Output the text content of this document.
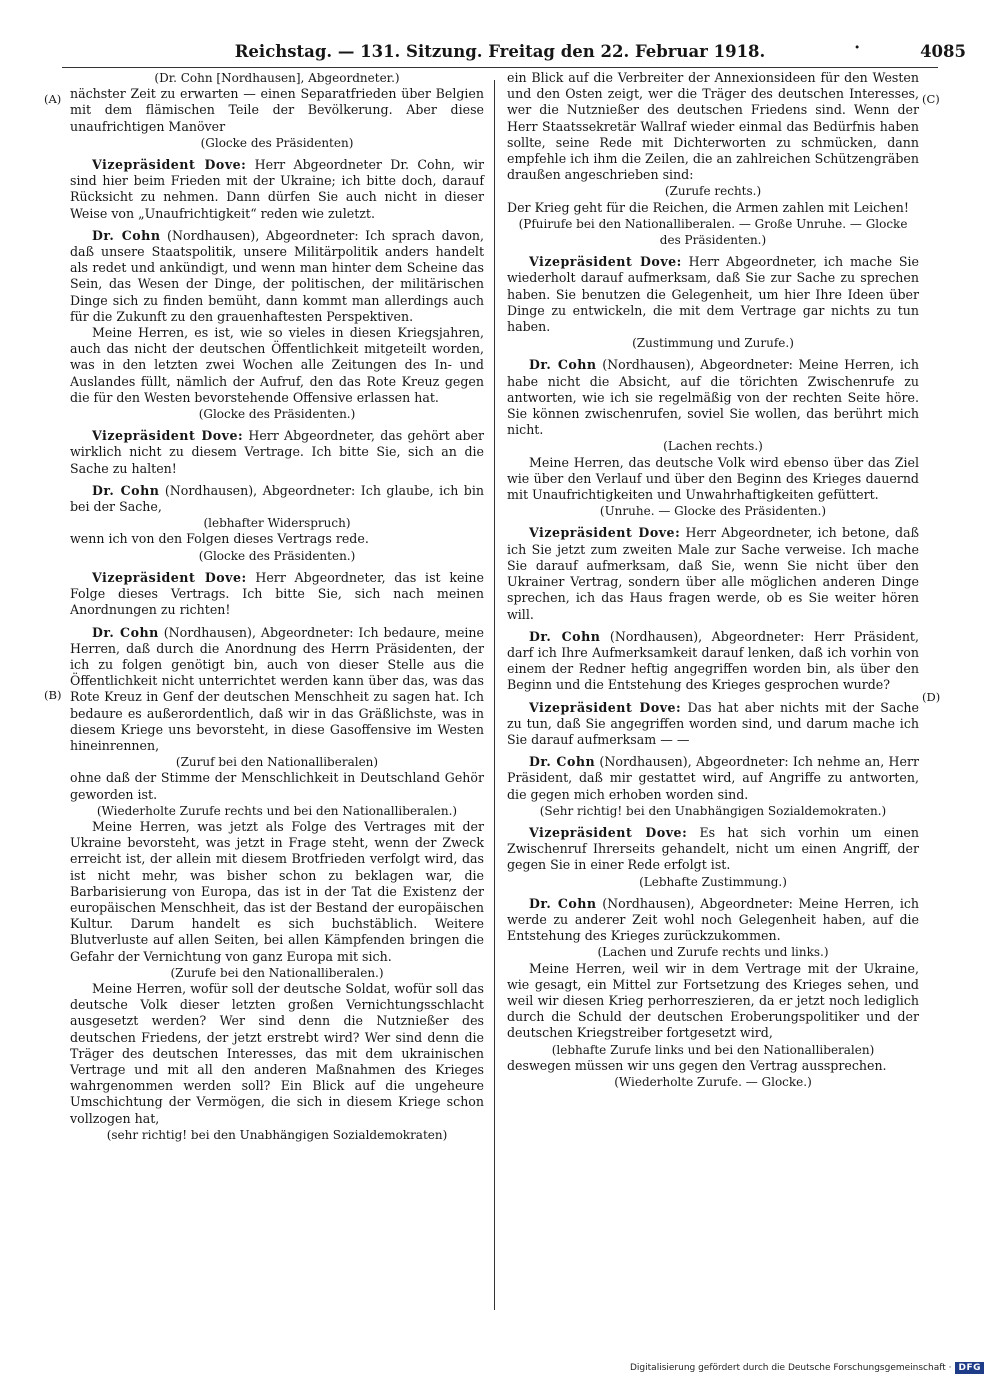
Reichstag. — 131. Sitzung. Freitag den 22. Februar 1918.	·	4085
(A)
(B)
(C)
(D)

(Dr. Cohn [Nordhausen], Abgeordneter.)

nächster Zeit zu erwarten — einen Separatfrieden über Belgien mit dem flämischen Teile der Bevölkerung. Aber diese unaufrichtigen Manöver

(Glocke des Präsidenten)

Vizepräsident Dove: Herr Abgeordneter Dr. Cohn, wir sind hier beim Frieden mit der Ukraine; ich bitte doch, darauf Rücksicht zu nehmen. Dann dürfen Sie auch nicht in dieser Weise von „Unaufrichtigkeit“ reden wie zuletzt.

Dr. Cohn (Nordhausen), Abgeordneter: Ich sprach davon, daß unsere Staatspolitik, unsere Militärpolitik anders handelt als redet und ankündigt, und wenn man hinter dem Scheine das Sein, das Wesen der Dinge, der politischen, der militärischen Dinge sich zu finden bemüht, dann kommt man allerdings auch für die Zukunft zu den grauenhaftesten Perspektiven.

Meine Herren, es ist, wie so vieles in diesen Kriegsjahren, auch das nicht der deutschen Öffentlichkeit mitgeteilt worden, was in den letzten zwei Wochen alle Zeitungen des In- und Auslandes füllt, nämlich der Aufruf, den das Rote Kreuz gegen die für den Westen bevorstehende Offensive erlassen hat.

(Glocke des Präsidenten.)

Vizepräsident Dove: Herr Abgeordneter, das gehört aber wirklich nicht zu diesem Vertrage. Ich bitte Sie, sich an die Sache zu halten!

Dr. Cohn (Nordhausen), Abgeordneter: Ich glaube, ich bin bei der Sache,

(lebhafter Widerspruch)

wenn ich von den Folgen dieses Vertrags rede.

(Glocke des Präsidenten.)

Vizepräsident Dove: Herr Abgeordneter, das ist keine Folge dieses Vertrags. Ich bitte Sie, sich nach meinen Anordnungen zu richten!

Dr. Cohn (Nordhausen), Abgeordneter: Ich bedaure, meine Herren, daß durch die Anordnung des Herrn Präsidenten, der ich zu folgen genötigt bin, auch von dieser Stelle aus die Öffentlichkeit nicht unterrichtet werden kann über das, was das Rote Kreuz in Genf der deutschen Menschheit zu sagen hat. Ich bedaure es außerordentlich, daß wir in das Gräßlichste, was in diesem Kriege uns bevorsteht, in diese Gasoffensive im Westen hineinrennen,

(Zuruf bei den Nationalliberalen)

ohne daß der Stimme der Menschlichkeit in Deutschland Gehör geworden ist.

(Wiederholte Zurufe rechts und bei den Nationalliberalen.)

Meine Herren, was jetzt als Folge des Vertrages mit der Ukraine bevorsteht, was jetzt in Frage steht, wenn der Zweck erreicht ist, der allein mit diesem Brotfrieden verfolgt wird, das ist nicht mehr, was bisher schon zu beklagen war, die Barbarisierung von Europa, das ist in der Tat die Existenz der europäischen Menschheit, das ist der Bestand der europäischen Kultur. Darum handelt es sich buchstäblich. Weitere Blutverluste auf allen Seiten, bei allen Kämpfenden bringen die Gefahr der Vernichtung von ganz Europa mit sich.

(Zurufe bei den Nationalliberalen.)

Meine Herren, wofür soll der deutsche Soldat, wofür soll das deutsche Volk dieser letzten großen Vernichtungsschlacht ausgesetzt werden? Wer sind denn die Nutznießer des deutschen Friedens, der jetzt erstrebt wird? Wer sind denn die Träger des deutschen Interesses, das mit dem ukrainischen Vertrage und mit all den anderen Maßnahmen des Krieges wahrgenommen werden soll? Ein Blick auf die ungeheure Umschichtung der Vermögen, die sich in diesem Kriege schon vollzogen hat,

(sehr richtig! bei den Unabhängigen Sozialdemokraten)

ein Blick auf die Verbreiter der Annexionsideen für den Westen und den Osten zeigt, wer die Träger des deutschen Interesses, wer die Nutznießer des deutschen Friedens sind. Wenn der Herr Staatssekretär Wallraf wieder einmal das Bedürfnis haben sollte, seine Rede mit Dichterworten zu schmücken, dann empfehle ich ihm die Zeilen, die an zahlreichen Schützengräben draußen angeschrieben sind:

(Zurufe rechts.)

Der Krieg geht für die Reichen, die Armen zahlen mit Leichen!

(Pfuirufe bei den Nationalliberalen. — Große Unruhe. — Glocke des Präsidenten.)

Vizepräsident Dove: Herr Abgeordneter, ich mache Sie wiederholt darauf aufmerksam, daß Sie zur Sache zu sprechen haben. Sie benutzen die Gelegenheit, um hier Ihre Ideen über Dinge zu entwickeln, die mit dem Vertrage gar nichts zu tun haben.

(Zustimmung und Zurufe.)

Dr. Cohn (Nordhausen), Abgeordneter: Meine Herren, ich habe nicht die Absicht, auf die törichten Zwischenrufe zu antworten, wie ich sie regelmäßig von der rechten Seite höre. Sie können zwischenrufen, soviel Sie wollen, das berührt mich nicht.

(Lachen rechts.)

Meine Herren, das deutsche Volk wird ebenso über das Ziel wie über den Verlauf und über den Beginn des Krieges dauernd mit Unaufrichtigkeiten und Unwahrhaftigkeiten gefüttert.

(Unruhe. — Glocke des Präsidenten.)

Vizepräsident Dove: Herr Abgeordneter, ich betone, daß ich Sie jetzt zum zweiten Male zur Sache verweise. Ich mache Sie darauf aufmerksam, daß Sie, wenn Sie nicht über den Ukrainer Vertrag, sondern über alle möglichen anderen Dinge sprechen, ich das Haus fragen werde, ob es Sie weiter hören will.

Dr. Cohn (Nordhausen), Abgeordneter: Herr Präsident, darf ich Ihre Aufmerksamkeit darauf lenken, daß ich vorhin von einem der Redner heftig angegriffen worden bin, als über den Beginn und die Entstehung des Krieges gesprochen wurde?

Vizepräsident Dove: Das hat aber nichts mit der Sache zu tun, daß Sie angegriffen worden sind, und darum mache ich Sie darauf aufmerksam — —

Dr. Cohn (Nordhausen), Abgeordneter: Ich nehme an, Herr Präsident, daß mir gestattet wird, auf Angriffe zu antworten, die gegen mich erhoben worden sind.

(Sehr richtig! bei den Unabhängigen Sozialdemokraten.)

Vizepräsident Dove: Es hat sich vorhin um einen Zwischenruf Ihrerseits gehandelt, nicht um einen Angriff, der gegen Sie in einer Rede erfolgt ist.

(Lebhafte Zustimmung.)

Dr. Cohn (Nordhausen), Abgeordneter: Meine Herren, ich werde zu anderer Zeit wohl noch Gelegenheit haben, auf die Entstehung des Krieges zurückzukommen.

(Lachen und Zurufe rechts und links.)

Meine Herren, weil wir in dem Vertrage mit der Ukraine, wie gesagt, ein Mittel zur Fortsetzung des Krieges sehen, und weil wir diesen Krieg perhorreszieren, da er jetzt noch lediglich durch die Schuld der deutschen Eroberungspolitiker und der deutschen Kriegstreiber fortgesetzt wird,

(lebhafte Zurufe links und bei den Nationalliberalen)

deswegen müssen wir uns gegen den Vertrag aussprechen.

(Wiederholte Zurufe. — Glocke.)

Digitalisierung gefördert durch die Deutsche Forschungsgemeinschaft · DFG
